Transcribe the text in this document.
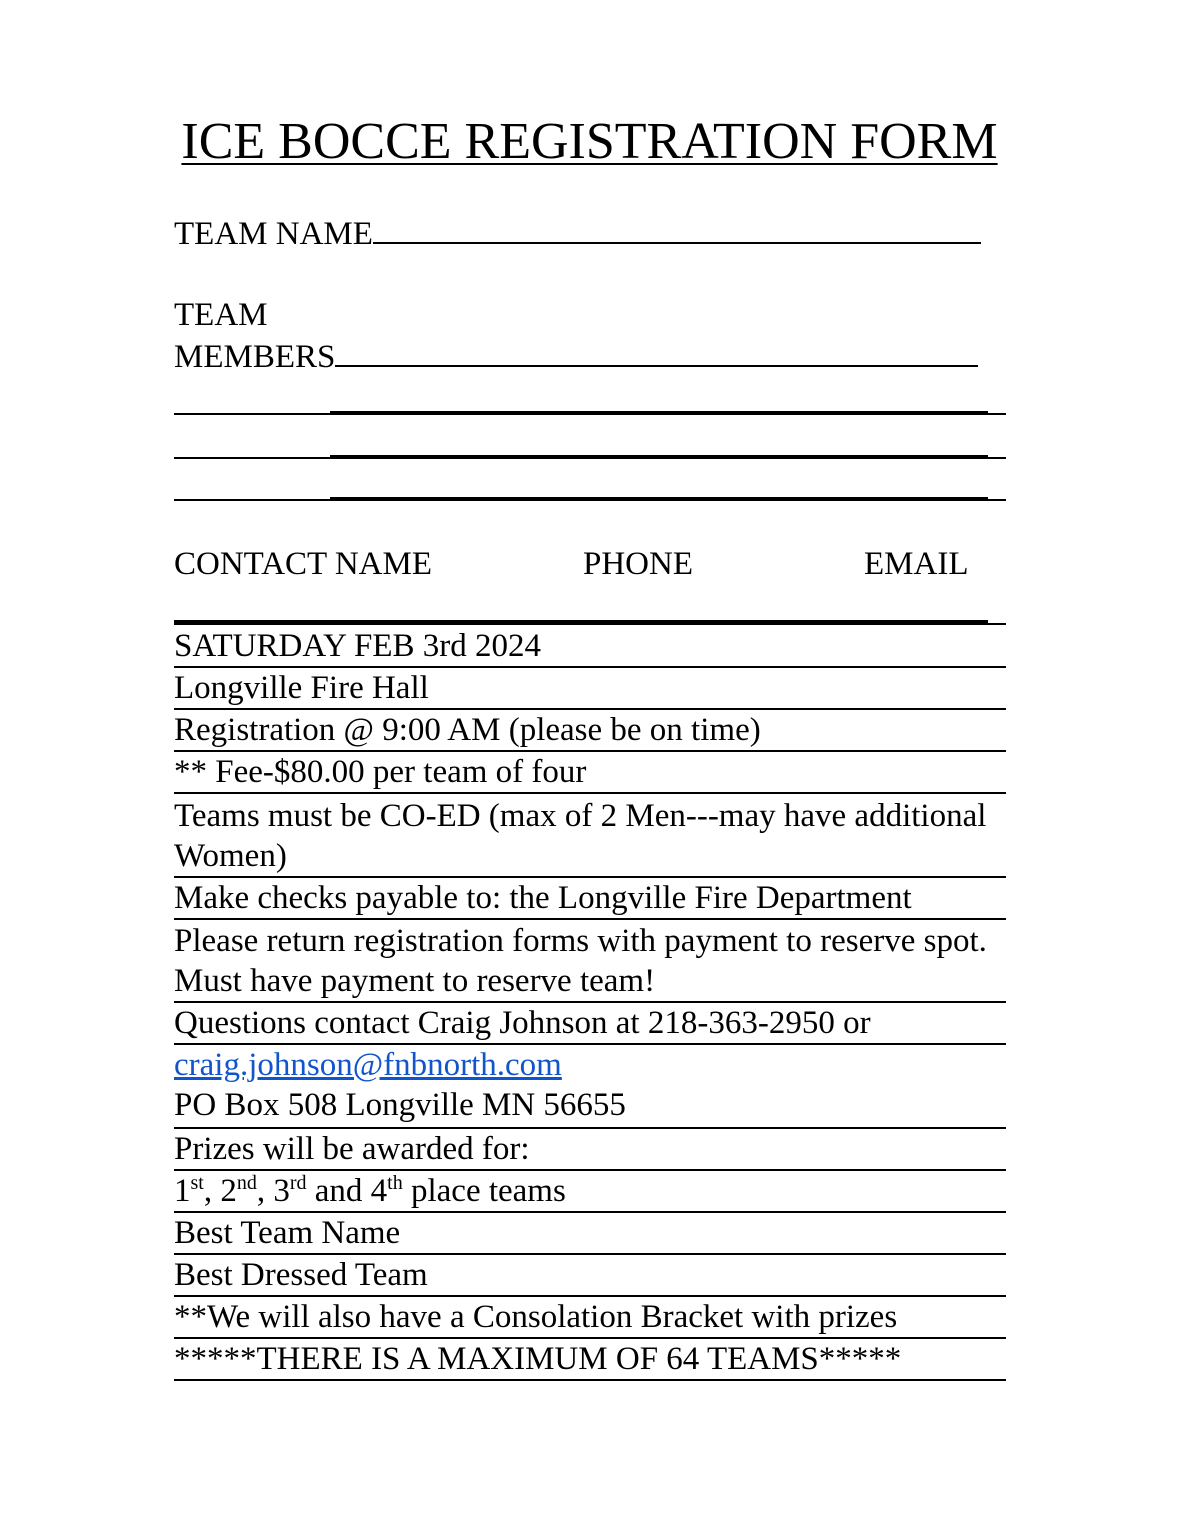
ICE BOCCE REGISTRATION FORM
TEAM NAME
TEAM
MEMBERS
CONTACT NAME	PHONE	EMAIL
SATURDAY FEB 3rd 2024
Longville Fire Hall
Registration @ 9:00 AM (please be on time)
** Fee-$80.00 per team of four
Teams must be CO-ED (max of 2 Men---may have additional Women)
Make checks payable to: the Longville Fire Department
Please return registration forms with payment to reserve spot. Must have payment to reserve team!
Questions contact Craig Johnson at 218-363-2950 or
craig.johnson@fnbnorth.com
PO Box 508 Longville MN 56655
Prizes will be awarded for:
1st, 2nd, 3rd and 4th place teams
Best Team Name
Best Dressed Team
**We will also have a Consolation Bracket with prizes
*****THERE IS A MAXIMUM OF 64 TEAMS*****
